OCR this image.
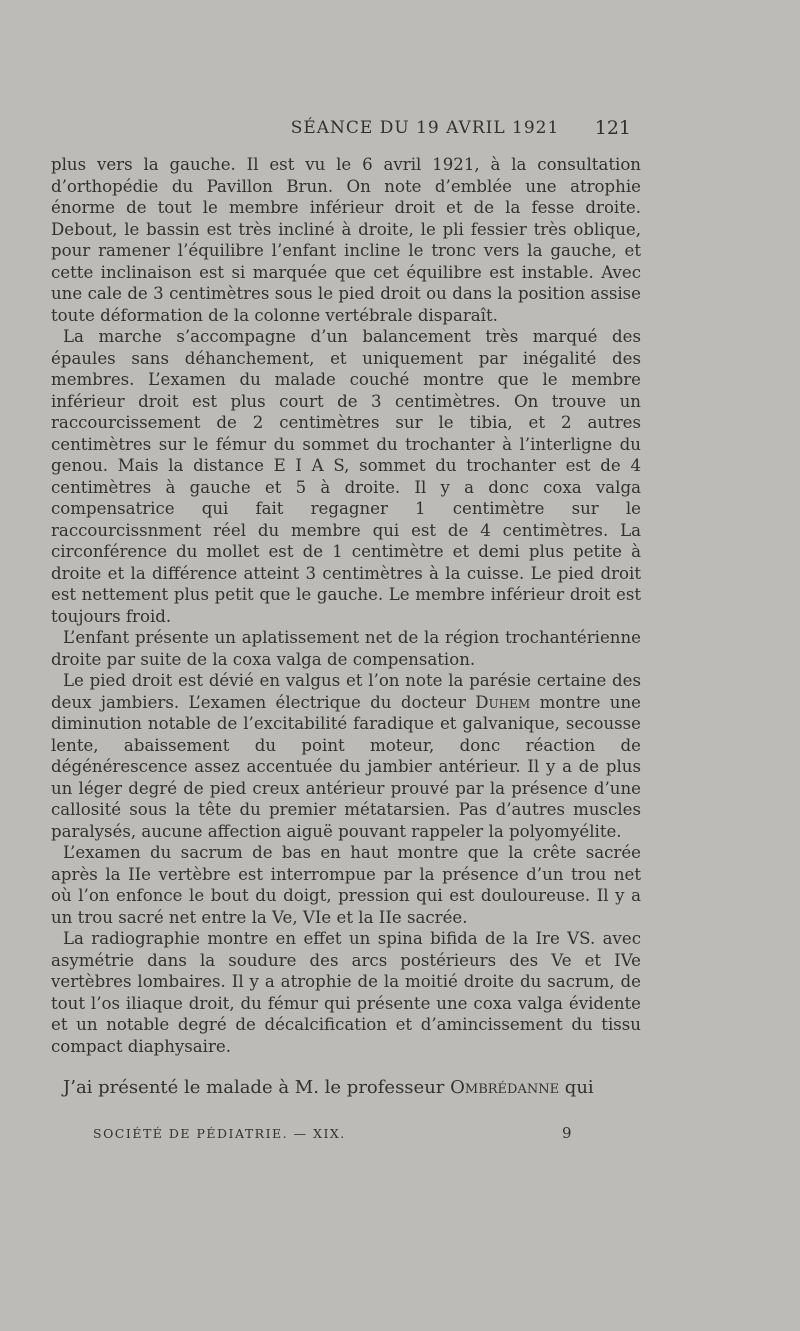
SÉANCE DU 19 AVRIL 1921	121

plus vers la gauche. Il est vu le 6 avril 1921, à la consultation d’orthopédie du Pavillon Brun. On note d’emblée une atrophie énorme de tout le membre inférieur droit et de la fesse droite. Debout, le bassin est très incliné à droite, le pli fessier très oblique, pour ramener l’équilibre l’enfant incline le tronc vers la gauche, et cette inclinaison est si marquée que cet équilibre est instable. Avec une cale de 3 centimètres sous le pied droit ou dans la position assise toute déformation de la colonne vertébrale disparaît.

La marche s’accompagne d’un balancement très marqué des épaules sans déhanchement, et uniquement par inégalité des membres. L’examen du malade couché montre que le membre inférieur droit est plus court de 3 centimètres. On trouve un raccourcissement de 2 centimètres sur le tibia, et 2 autres centimètres sur le fémur du sommet du trochanter à l’interligne du genou. Mais la distance E I A S, sommet du trochanter est de 4 centimètres à gauche et 5 à droite. Il y a donc coxa valga compensatrice qui fait regagner 1 centimètre sur le raccourcissnment réel du membre qui est de 4 centimètres. La circonférence du mollet est de 1 centimètre et demi plus petite à droite et la différence atteint 3 centimètres à la cuisse. Le pied droit est nettement plus petit que le gauche. Le membre inférieur droit est toujours froid.

L’enfant présente un aplatissement net de la région trochantérienne droite par suite de la coxa valga de compensation.

Le pied droit est dévié en valgus et l’on note la parésie certaine des deux jambiers. L’examen électrique du docteur Duhem montre une diminution notable de l’excitabilité faradique et galvanique, secousse lente, abaissement du point moteur, donc réaction de dégénérescence assez accentuée du jambier antérieur. Il y a de plus un léger degré de pied creux antérieur prouvé par la présence d’une callosité sous la tête du premier métatarsien. Pas d’autres muscles paralysés, aucune affection aiguë pouvant rappeler la polyomyélite.

L’examen du sacrum de bas en haut montre que la crête sacrée après la IIe vertèbre est interrompue par la présence d’un trou net où l’on enfonce le bout du doigt, pression qui est douloureuse. Il y a un trou sacré net entre la Ve, VIe et la IIe sacrée.

La radiographie montre en effet un spina bifida de la Ire VS. avec asymétrie dans la soudure des arcs postérieurs des Ve et IVe vertèbres lombaires. Il y a atrophie de la moitié droite du sacrum, de tout l’os iliaque droit, du fémur qui présente une coxa valga évidente et un notable degré de décalcification et d’amincissement du tissu compact diaphysaire.

J’ai présenté le malade à M. le professeur Ombrédanne qui

SOCIÉTÉ DE PÉDIATRIE. — XIX.	9
